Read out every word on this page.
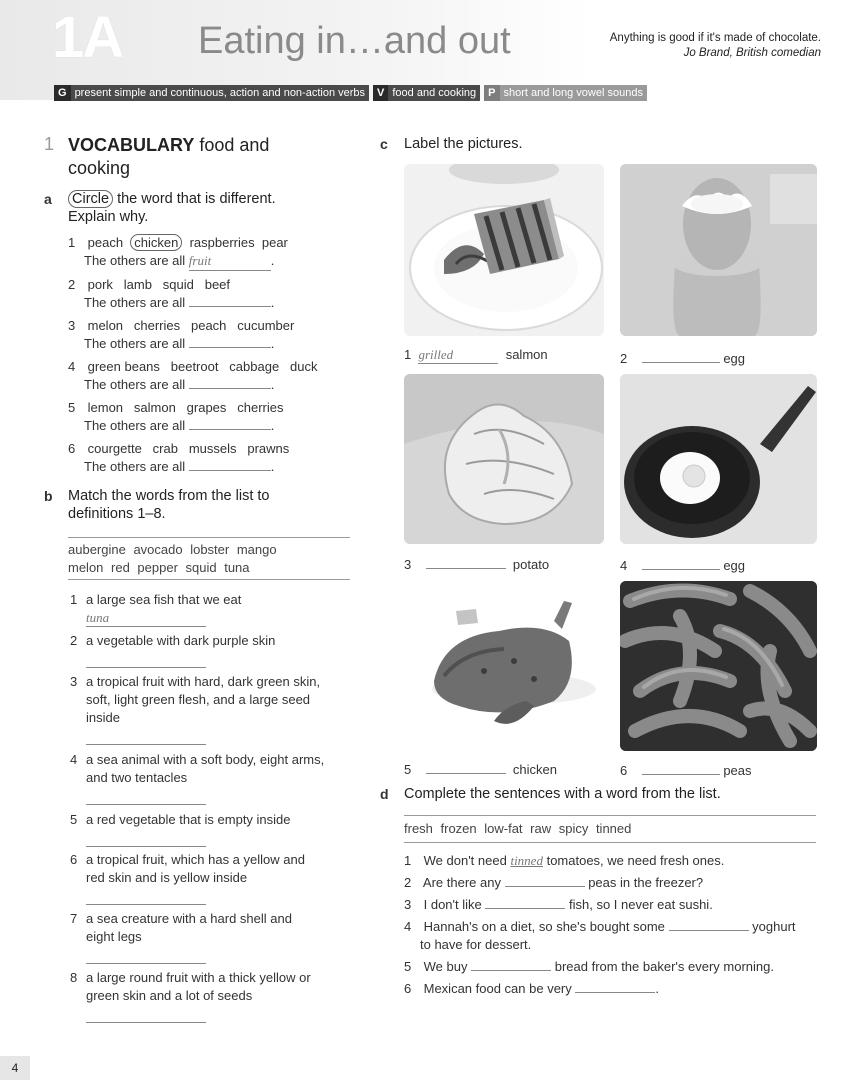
1A Eating in…and out	Anything is good if it's made of chocolate.
Jo Brand, British comedian
G present simple and continuous, action and non-action verbs	V food and cooking	P short and long vowel sounds
1 VOCABULARY food and
cooking
a Circle the word that is different.
Explain why.
1 peach chicken raspberries pear
The others are all fruit	.
2 pork lamb squid beef
The others are all	.
3 melon cherries peach cucumber
The others are all	.
4 green beans beetroot cabbage duck
The others are all	.
5 lemon salmon grapes cherries
The others are all	.
6 courgette crab mussels prawns
The others are all	.
b Match the words from the list to
definitions 1–8.
aubergine avocado lobster mango
melon red pepper squid tuna
1 a large sea fish that we eat
tuna
2 a vegetable with dark purple skin
3 a tropical fruit with hard, dark green skin,
soft, light green flesh, and a large seed
inside
4 a sea animal with a soft body, eight arms,
and two tentacles
5 a red vegetable that is empty inside
6 a tropical fruit, which has a yellow and
red skin and is yellow inside
7 a sea creature with a hard shell and
eight legs
8 a large round fruit with a thick yellow or
green skin and a lot of seeds
c Label the pictures.
1 grilled	salmon	2	egg
3	potato	4	egg
5	chicken	6	peas
d Complete the sentences with a word from the list.
fresh frozen low-fat raw spicy tinned
1 We don't need tinned tomatoes, we need fresh ones.
2 Are there any	peas in the freezer?
3 I don't like	fish, so I never eat sushi.
4 Hannah's on a diet, so she's bought some	yoghurt
to have for dessert.
5 We buy	bread from the baker's every morning.
6 Mexican food can be very	.
4
